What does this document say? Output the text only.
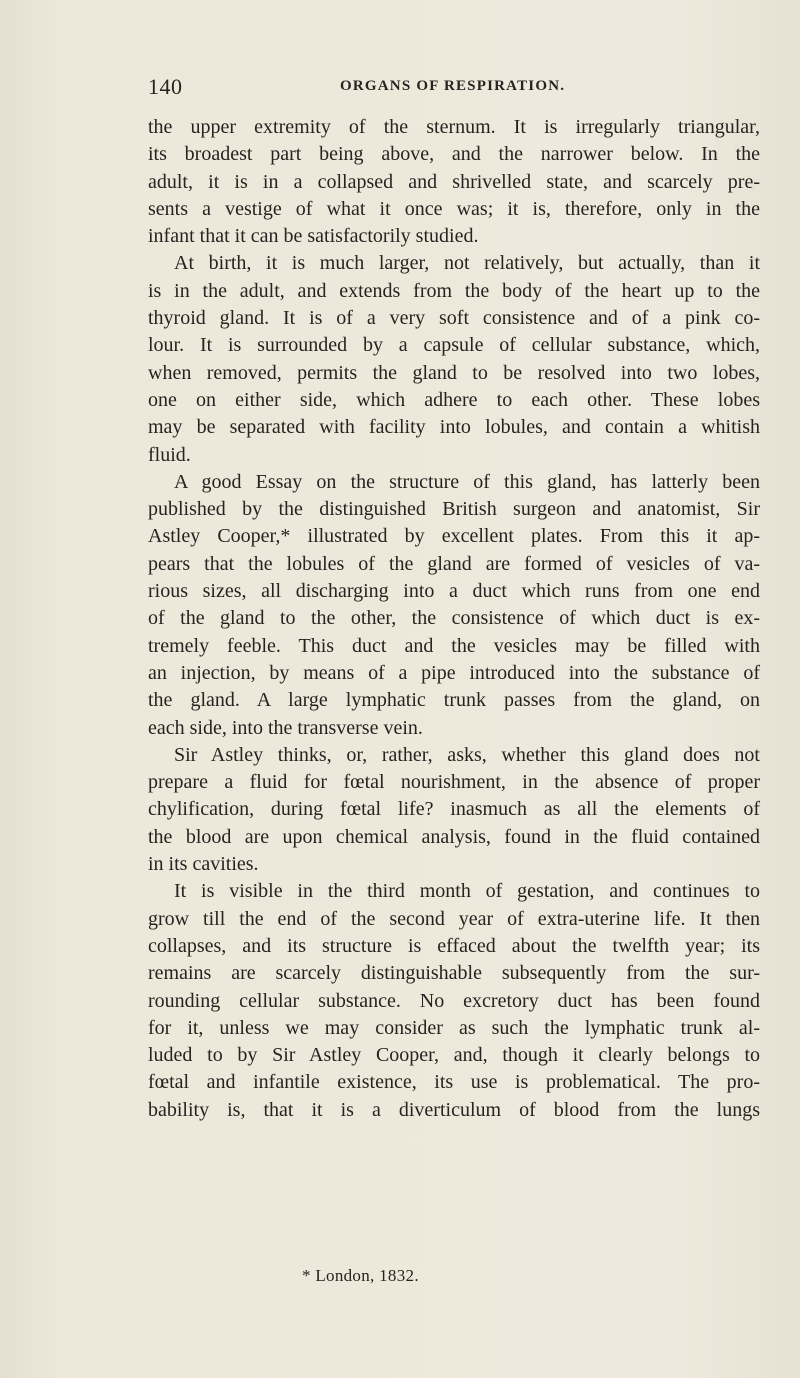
140	ORGANS OF RESPIRATION.
the upper extremity of the sternum. It is irregularly triangular,
its broadest part being above, and the narrower below. In the
adult, it is in a collapsed and shrivelled state, and scarcely pre-
sents a vestige of what it once was; it is, therefore, only in the
infant that it can be satisfactorily studied.
At birth, it is much larger, not relatively, but actually, than it
is in the adult, and extends from the body of the heart up to the
thyroid gland. It is of a very soft consistence and of a pink co-
lour. It is surrounded by a capsule of cellular substance, which,
when removed, permits the gland to be resolved into two lobes,
one on either side, which adhere to each other. These lobes
may be separated with facility into lobules, and contain a whitish
fluid.
A good Essay on the structure of this gland, has latterly been
published by the distinguished British surgeon and anatomist, Sir
Astley Cooper,* illustrated by excellent plates. From this it ap-
pears that the lobules of the gland are formed of vesicles of va-
rious sizes, all discharging into a duct which runs from one end
of the gland to the other, the consistence of which duct is ex-
tremely feeble. This duct and the vesicles may be filled with
an injection, by means of a pipe introduced into the substance of
the gland. A large lymphatic trunk passes from the gland, on
each side, into the transverse vein.
Sir Astley thinks, or, rather, asks, whether this gland does not
prepare a fluid for fœtal nourishment, in the absence of proper
chylification, during fœtal life? inasmuch as all the elements of
the blood are upon chemical analysis, found in the fluid contained
in its cavities.
It is visible in the third month of gestation, and continues to
grow till the end of the second year of extra-uterine life. It then
collapses, and its structure is effaced about the twelfth year; its
remains are scarcely distinguishable subsequently from the sur-
rounding cellular substance. No excretory duct has been found
for it, unless we may consider as such the lymphatic trunk al-
luded to by Sir Astley Cooper, and, though it clearly belongs to
fœtal and infantile existence, its use is problematical. The pro-
bability is, that it is a diverticulum of blood from the lungs
* London, 1832.
